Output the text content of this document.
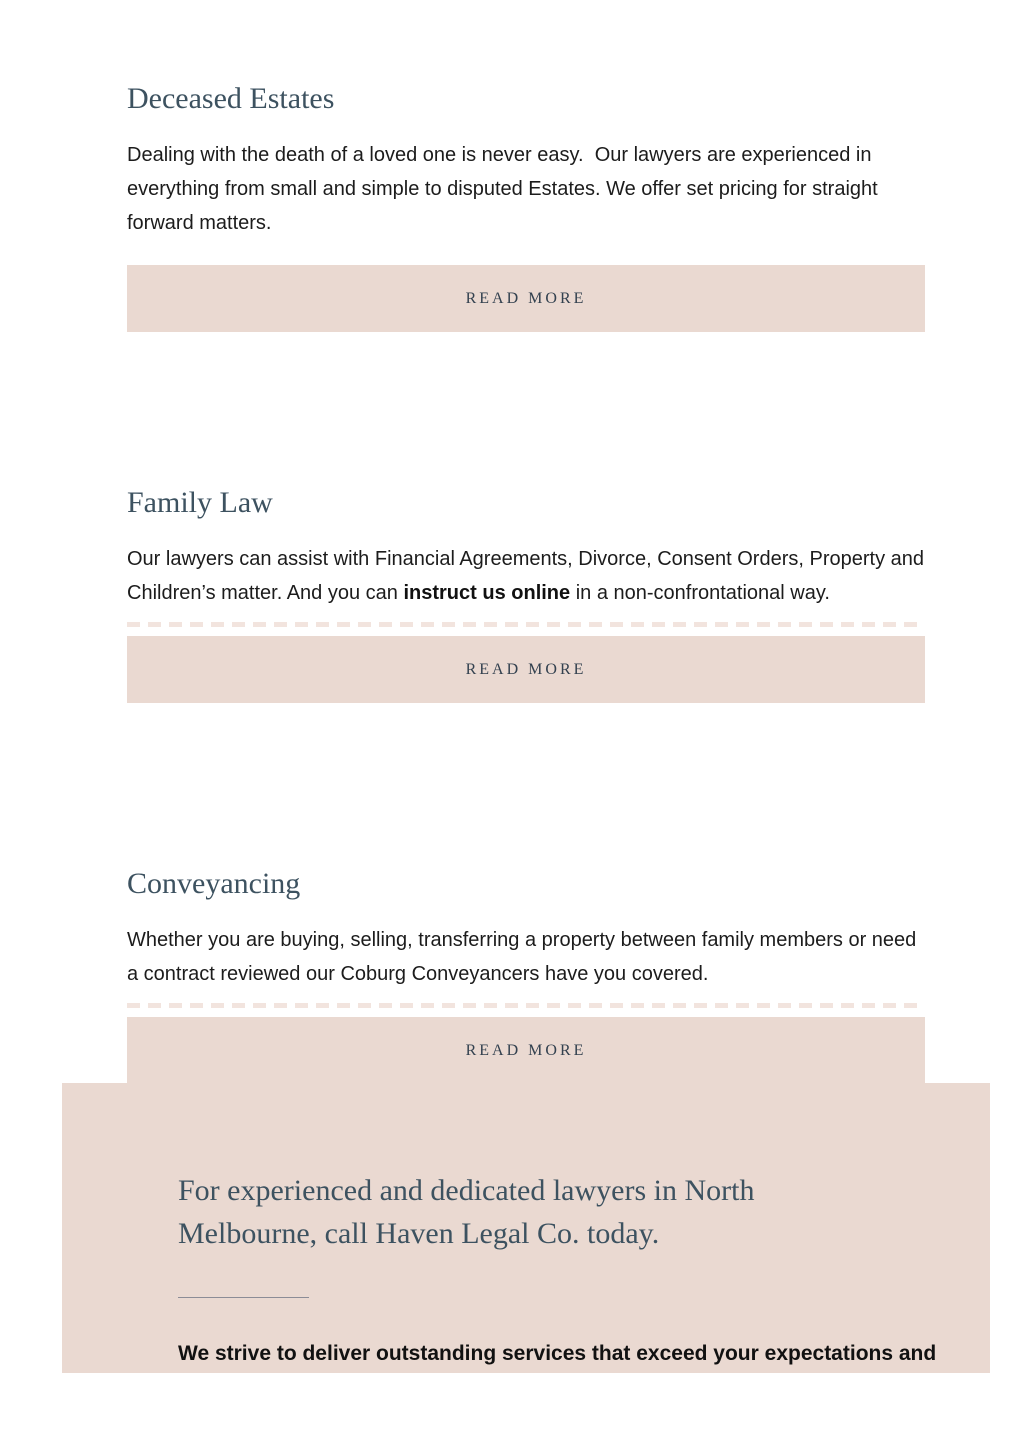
Deceased Estates

Dealing with the death of a loved one is never easy.  Our lawyers are experienced in everything from small and simple to disputed Estates. We offer set pricing for straight forward matters.

READ MORE
Family Law

Our lawyers can assist with Financial Agreements, Divorce, Consent Orders, Property and Children’s matter. And you can instruct us online in a non-confrontational way.

READ MORE
Conveyancing

Whether you are buying, selling, transferring a property between family members or need a contract reviewed our Coburg Conveyancers have you covered.

READ MORE
For experienced and dedicated lawyers in North Melbourne, call Haven Legal Co. today.

We strive to deliver outstanding services that exceed your expectations and
